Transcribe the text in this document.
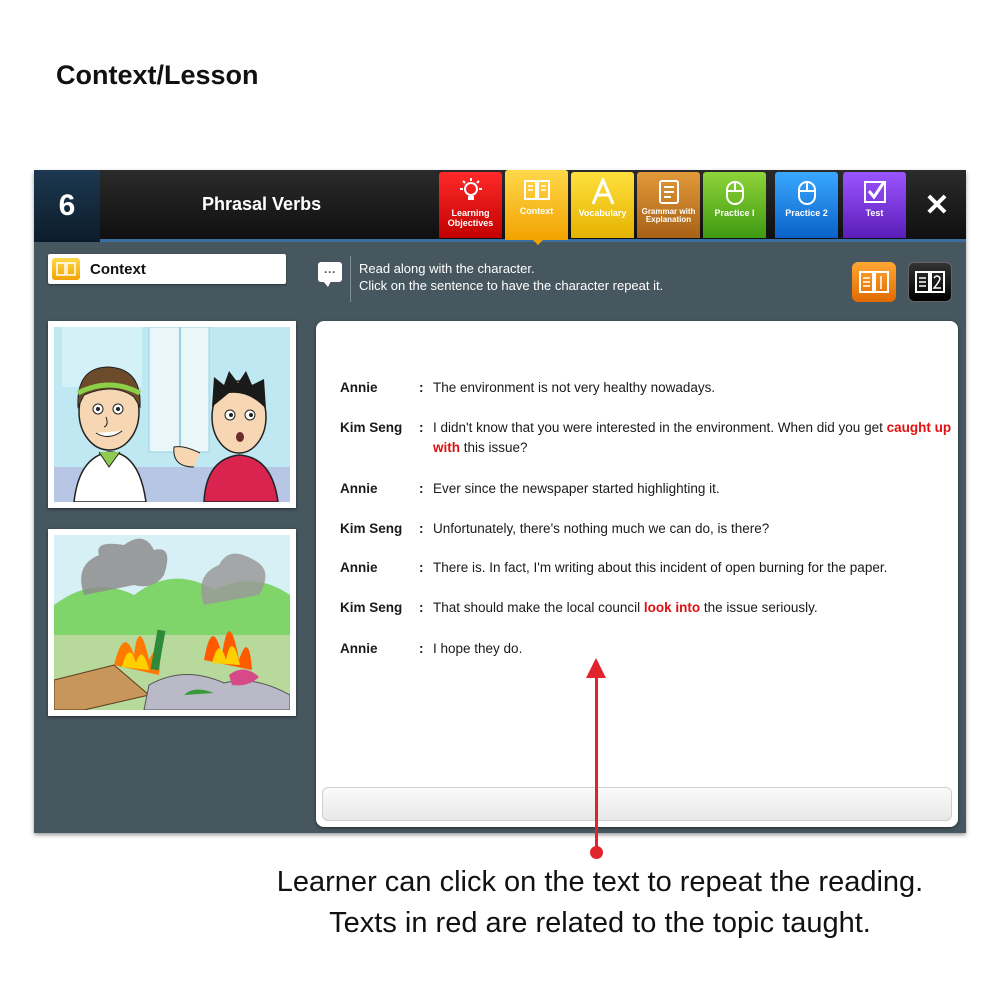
Context/Lesson
6	Phrasal Verbs	Learning Objectives
Context	Vocabulary	Grammar with Explanation
Practice I	Practice 2	Test ✕
Context	···	Read along with the character.
Click on the sentence to have the character repeat it.
Annie	: The environment is not very healthy nowadays.
Kim Seng	: I didn't know that you were interested in the environment. When did you get caught up with this issue?
Annie	: Ever since the newspaper started highlighting it.
Kim Seng	: Unfortunately, there's nothing much we can do, is there?
Annie	: There is. In fact, I'm writing about this incident of open burning for the paper.
Kim Seng	: That should make the local council look into the issue seriously.
Annie	: I hope they do.
Learner can click on the text to repeat the reading.
Texts in red are related to the topic taught.
